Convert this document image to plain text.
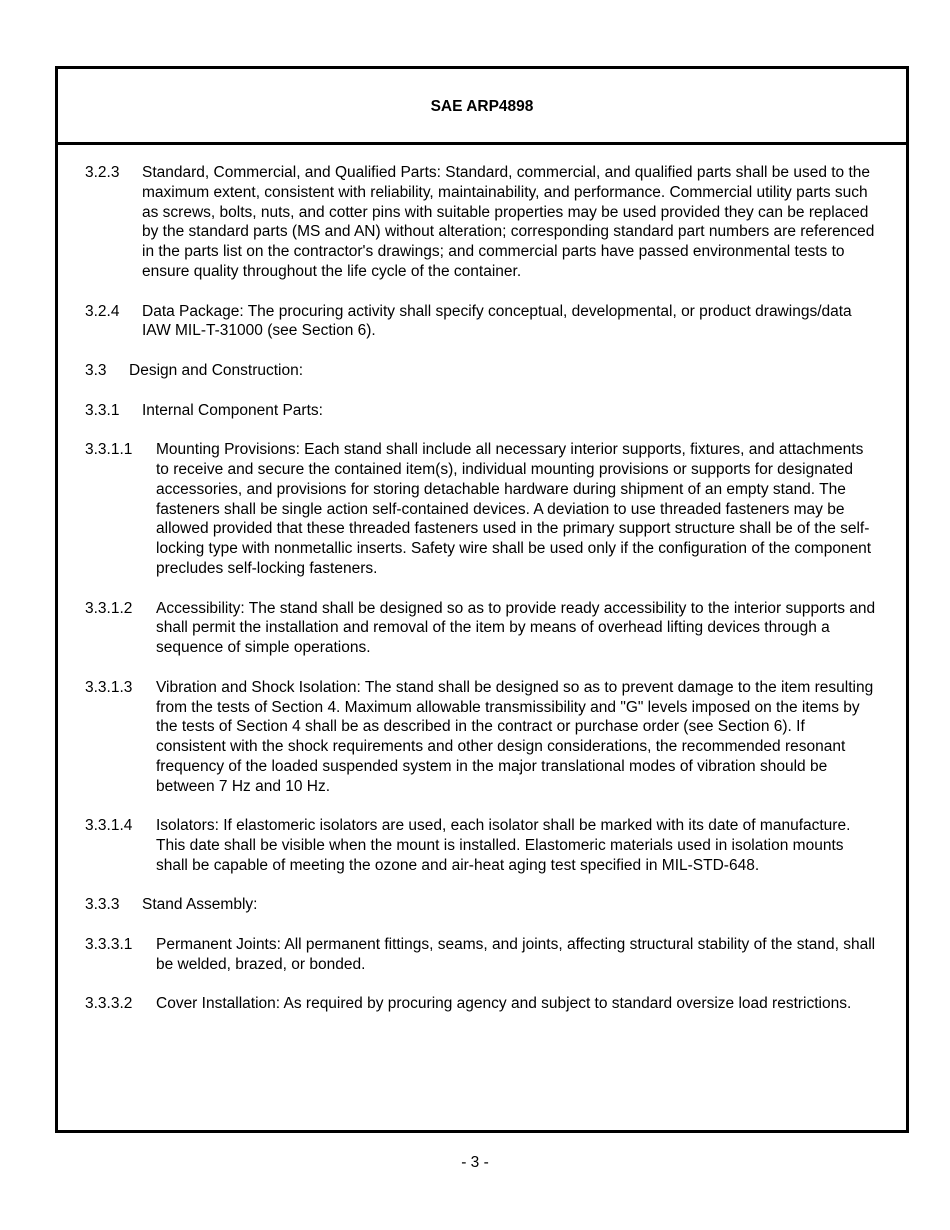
SAE ARP4898
3.2.3	Standard, Commercial, and Qualified Parts: Standard, commercial, and qualified parts shall be used to the maximum extent, consistent with reliability, maintainability, and performance. Commercial utility parts such as screws, bolts, nuts, and cotter pins with suitable properties may be used provided they can be replaced by the standard parts (MS and AN) without alteration; corresponding standard part numbers are referenced in the parts list on the contractor's drawings; and commercial parts have passed environmental tests to ensure quality throughout the life cycle of the container.
3.2.4	Data Package: The procuring activity shall specify conceptual, developmental, or product drawings/data IAW MIL-T-31000 (see Section 6).
3.3	Design and Construction:
3.3.1	Internal Component Parts:
3.3.1.1	Mounting Provisions: Each stand shall include all necessary interior supports, fixtures, and attachments to receive and secure the contained item(s), individual mounting provisions or supports for designated accessories, and provisions for storing detachable hardware during shipment of an empty stand. The fasteners shall be single action self-contained devices. A deviation to use threaded fasteners may be allowed provided that these threaded fasteners used in the primary support structure shall be of the self-locking type with nonmetallic inserts. Safety wire shall be used only if the configuration of the component precludes self-locking fasteners.
3.3.1.2	Accessibility: The stand shall be designed so as to provide ready accessibility to the interior supports and shall permit the installation and removal of the item by means of overhead lifting devices through a sequence of simple operations.
3.3.1.3	Vibration and Shock Isolation: The stand shall be designed so as to prevent damage to the item resulting from the tests of Section 4. Maximum allowable transmissibility and "G" levels imposed on the items by the tests of Section 4 shall be as described in the contract or purchase order (see Section 6). If consistent with the shock requirements and other design considerations, the recommended resonant frequency of the loaded suspended system in the major translational modes of vibration should be between 7 Hz and 10 Hz.
3.3.1.4	Isolators: If elastomeric isolators are used, each isolator shall be marked with its date of manufacture. This date shall be visible when the mount is installed. Elastomeric materials used in isolation mounts shall be capable of meeting the ozone and air-heat aging test specified in MIL-STD-648.
3.3.3	Stand Assembly:
3.3.3.1	Permanent Joints: All permanent fittings, seams, and joints, affecting structural stability of the stand, shall be welded, brazed, or bonded.
3.3.3.2	Cover Installation: As required by procuring agency and subject to standard oversize load restrictions.
- 3 -
